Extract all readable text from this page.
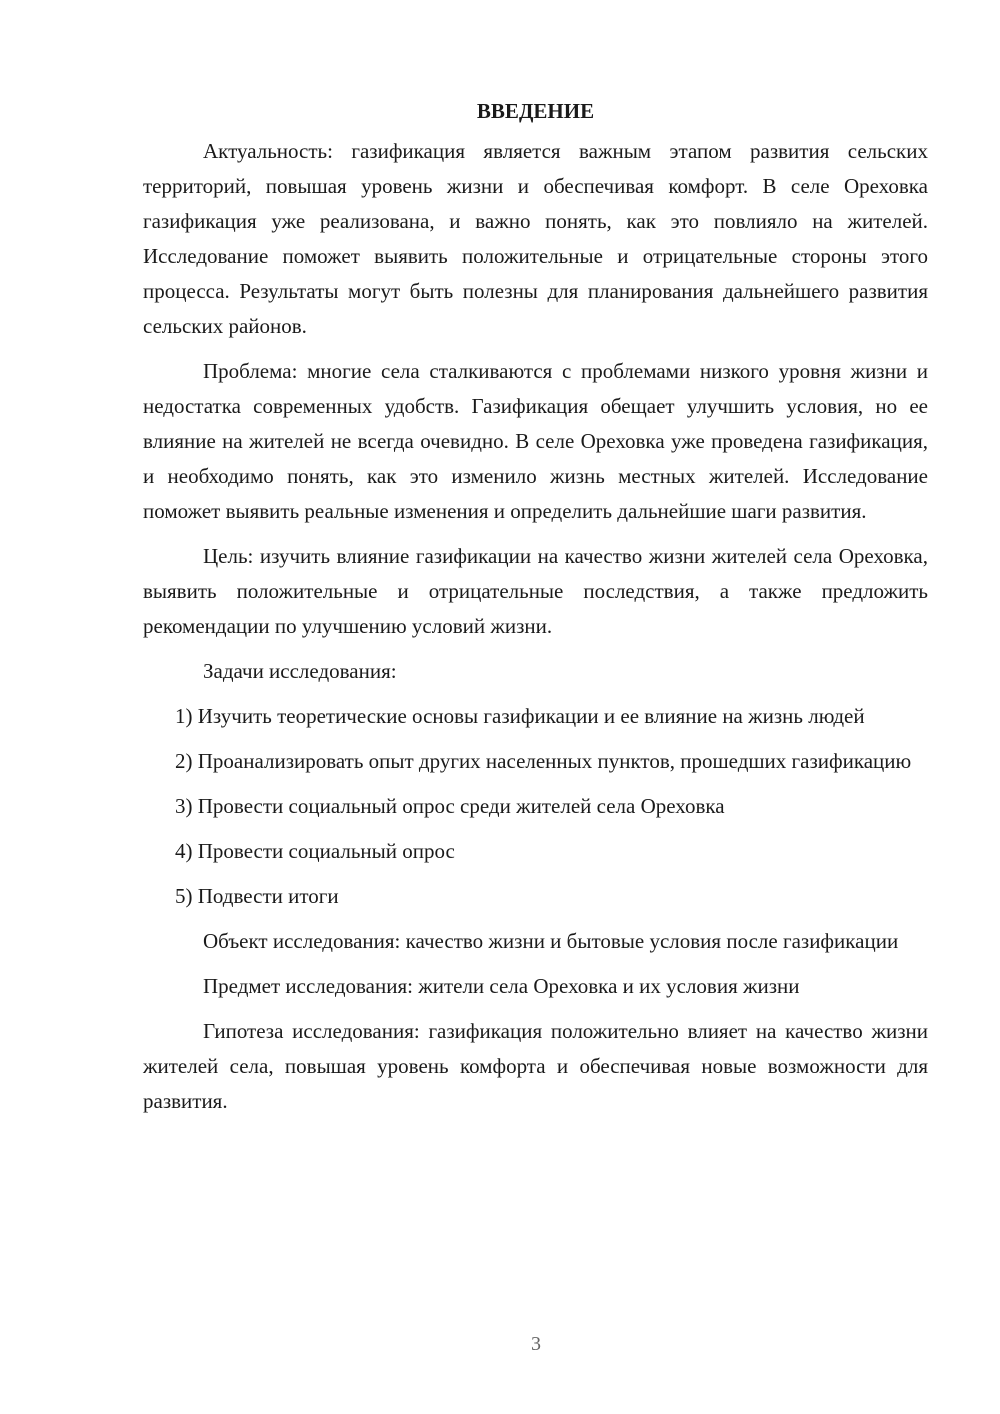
ВВЕДЕНИЕ

Актуальность: газификация является важным этапом развития сельских территорий, повышая уровень жизни и обеспечивая комфорт. В селе Ореховка газификация уже реализована, и важно понять, как это повлияло на жителей. Исследование поможет выявить положительные и отрицательные стороны этого процесса. Результаты могут быть полезны для планирования дальнейшего развития сельских районов.

Проблема: многие села сталкиваются с проблемами низкого уровня жизни и недостатка современных удобств. Газификация обещает улучшить условия, но ее влияние на жителей не всегда очевидно. В селе Ореховка уже проведена газификация, и необходимо понять, как это изменило жизнь местных жителей. Исследование поможет выявить реальные изменения и определить дальнейшие шаги развития.

Цель: изучить влияние газификации на качество жизни жителей села Ореховка, выявить положительные и отрицательные последствия, а также предложить рекомендации по улучшению условий жизни.

Задачи исследования:

1) Изучить теоретические основы газификации и ее влияние на жизнь людей

2) Проанализировать опыт других населенных пунктов, прошедших газификацию

3) Провести социальный опрос среди жителей села Ореховка

4) Провести социальный опрос

5) Подвести итоги

Объект исследования: качество жизни и бытовые условия после газификации

Предмет исследования: жители села Ореховка и их условия жизни

Гипотеза исследования: газификация положительно влияет на качество жизни жителей села, повышая уровень комфорта и обеспечивая новые возможности для развития.

3
